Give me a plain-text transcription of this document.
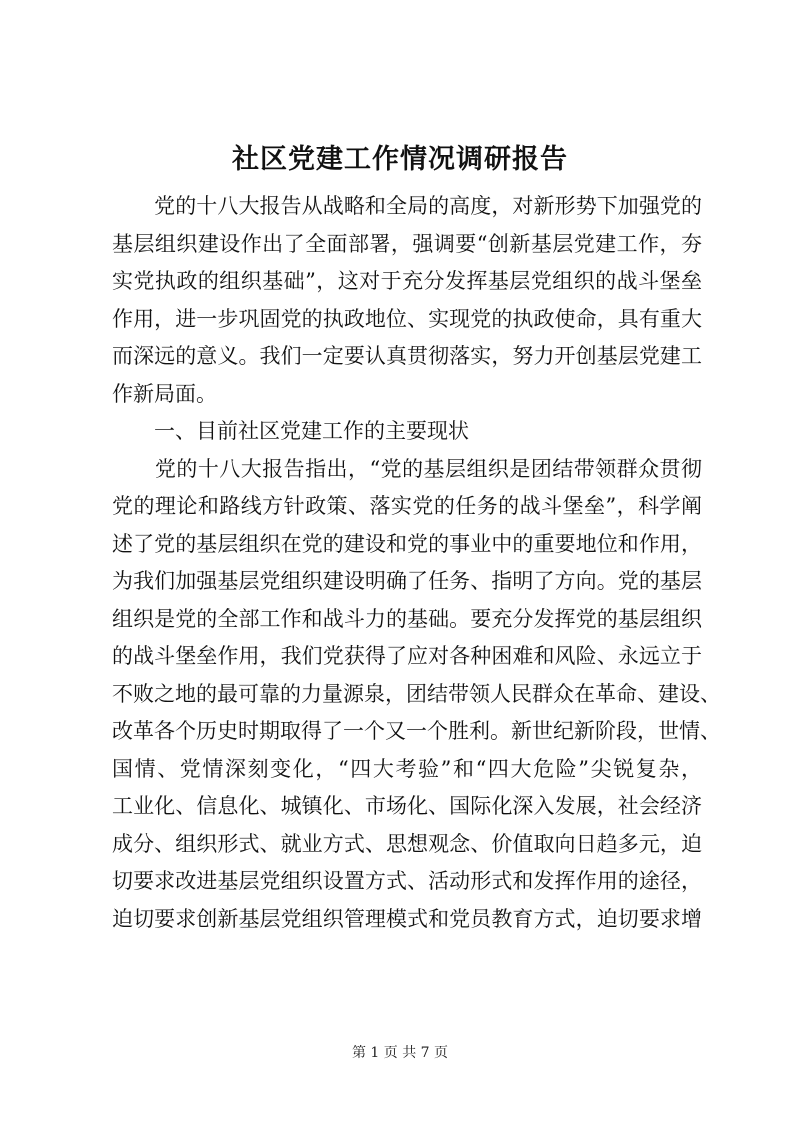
社区党建工作情况调研报告
　　党的十八大报告从战略和全局的高度，对新形势下加强党的
基层组织建设作出了全面部署，强调要“创新基层党建工作，夯
实党执政的组织基础”，这对于充分发挥基层党组织的战斗堡垒
作用，进一步巩固党的执政地位、实现党的执政使命，具有重大
而深远的意义。我们一定要认真贯彻落实，努力开创基层党建工
作新局面。
　　一、目前社区党建工作的主要现状
　　党的十八大报告指出，“党的基层组织是团结带领群众贯彻
党的理论和路线方针政策、落实党的任务的战斗堡垒”，科学阐
述了党的基层组织在党的建设和党的事业中的重要地位和作用，
为我们加强基层党组织建设明确了任务、指明了方向。党的基层
组织是党的全部工作和战斗力的基础。要充分发挥党的基层组织
的战斗堡垒作用，我们党获得了应对各种困难和风险、永远立于
不败之地的最可靠的力量源泉，团结带领人民群众在革命、建设、
改革各个历史时期取得了一个又一个胜利。新世纪新阶段，世情、
国情、党情深刻变化，“四大考验”和“四大危险”尖锐复杂，
工业化、信息化、城镇化、市场化、国际化深入发展，社会经济
成分、组织形式、就业方式、思想观念、价值取向日趋多元，迫
切要求改进基层党组织设置方式、活动形式和发挥作用的途径，
迫切要求创新基层党组织管理模式和党员教育方式，迫切要求增
第 1 页 共 7 页
